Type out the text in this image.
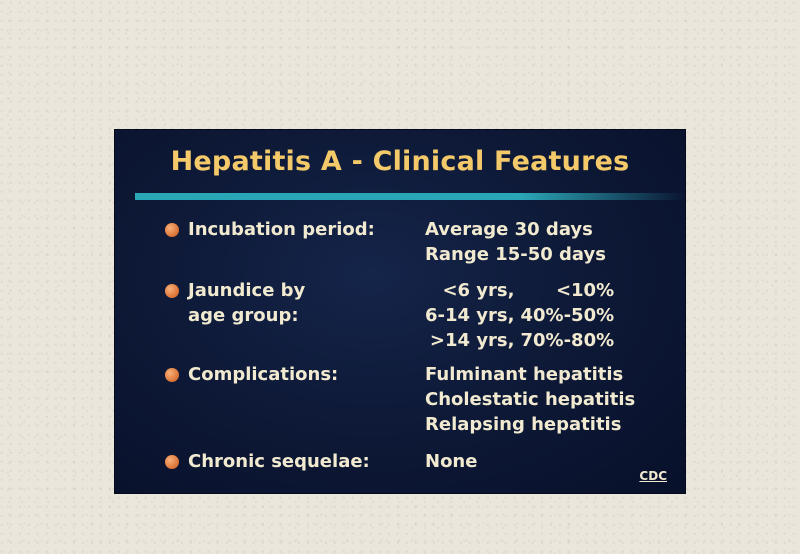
Hepatitis A - Clinical Features
Incubation period:	Average 30 days
Range 15-50 days
Jaundice by
age group:
<6 yrs,	<10%
6-14 yrs,	40%-50%
>14 yrs,	70%-80%
Complications:	Fulminant hepatitis
Cholestatic hepatitis
Relapsing hepatitis
Chronic sequelae:	None
CDC
